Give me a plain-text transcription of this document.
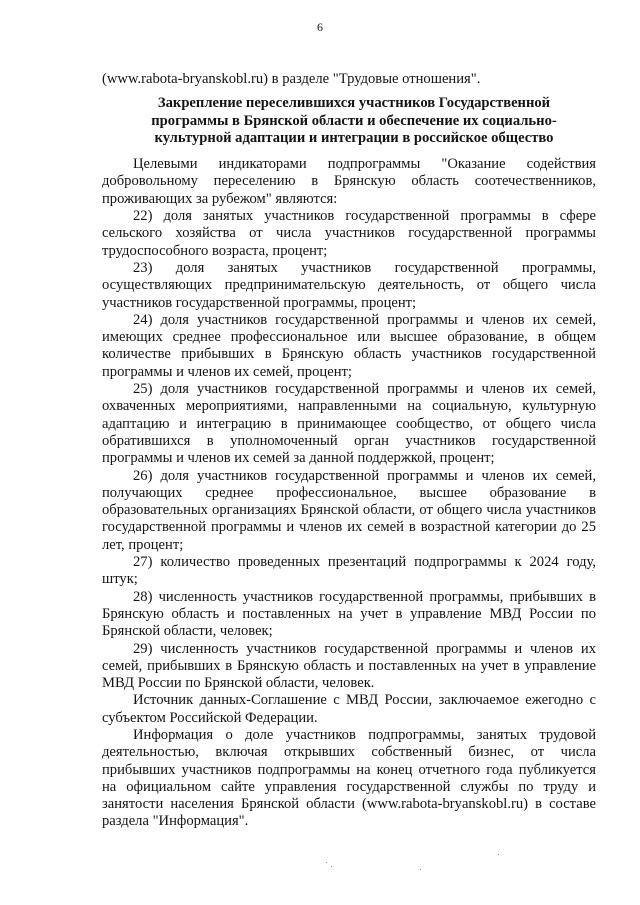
6

(www.rabota-bryanskobl.ru) в разделе "Трудовые отношения".

Закрепление переселившихся участников Государственной программы в Брянской области и обеспечение их социально-культурной адаптации и интеграции в российское общество

Целевыми индикаторами подпрограммы "Оказание содействия добровольному переселению в Брянскую область соотечественников, проживающих за рубежом" являются:

22) доля занятых участников государственной программы в сфере сельского хозяйства от числа участников государственной программы трудоспособного возраста, процент;

23) доля занятых участников государственной программы, осуществляющих предпринимательскую деятельность, от общего числа участников государственной программы, процент;

24) доля участников государственной программы и членов их семей, имеющих среднее профессиональное или высшее образование, в общем количестве прибывших в Брянскую область участников государственной программы и членов их семей, процент;

25) доля участников государственной программы и членов их семей, охваченных мероприятиями, направленными на социальную, культурную адаптацию и интеграцию в принимающее сообщество, от общего числа обратившихся в уполномоченный орган участников государственной программы и членов их семей за данной поддержкой, процент;

26) доля участников государственной программы и членов их семей, получающих среднее профессиональное, высшее образование в образовательных организациях Брянской области, от общего числа участников государственной программы и членов их семей в возрастной категории до 25 лет, процент;

27) количество проведенных презентаций подпрограммы к 2024 году, штук;

28) численность участников государственной программы, прибывших в Брянскую область и поставленных на учет в управление МВД России по Брянской области, человек;

29) численность участников государственной программы и членов их семей, прибывших в Брянскую область и поставленных на учет в управление МВД России по Брянской области, человек.

Источник данных-Соглашение с МВД России, заключаемое ежегодно с субъектом Российской Федерации.

Информация о доле участников подпрограммы, занятых трудовой деятельностью, включая открывших собственный бизнес, от числа прибывших участников подпрограммы на конец отчетного года публикуется на официальном сайте управления государственной службы по труду и занятости населения Брянской области (www.rabota-bryanskobl.ru) в составе раздела "Информация".
